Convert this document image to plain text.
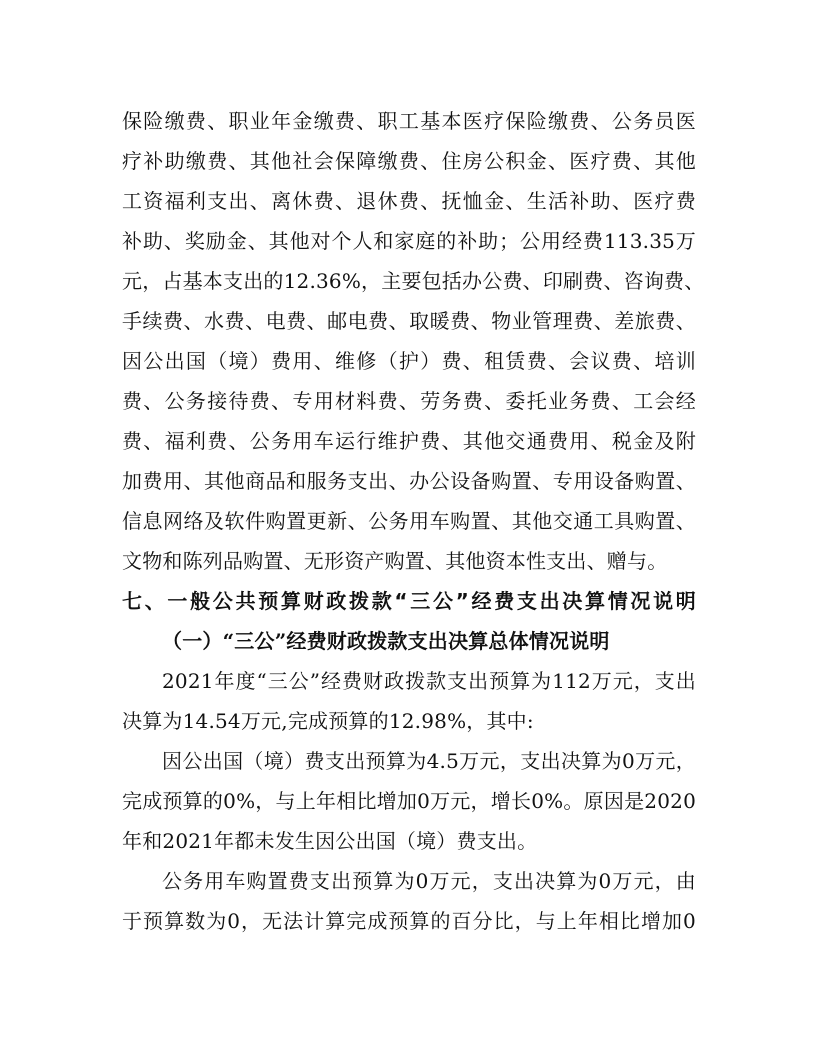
保险缴费、职业年金缴费、职工基本医疗保险缴费、公务员医
疗补助缴费、其他社会保障缴费、住房公积金、医疗费、其他
工资福利支出、离休费、退休费、抚恤金、生活补助、医疗费
补助、奖励金、其他对个人和家庭的补助；公用经费113.35万
元，占基本支出的12.36%，主要包括办公费、印刷费、咨询费、
手续费、水费、电费、邮电费、取暖费、物业管理费、差旅费、
因公出国（境）费用、维修（护）费、租赁费、会议费、培训
费、公务接待费、专用材料费、劳务费、委托业务费、工会经
费、福利费、公务用车运行维护费、其他交通费用、税金及附
加费用、其他商品和服务支出、办公设备购置、专用设备购置、
信息网络及软件购置更新、公务用车购置、其他交通工具购置、
文物和陈列品购置、无形资产购置、其他资本性支出、赠与。
七、一般公共预算财政拨款“三公”经费支出决算情况说明
（一）“三公”经费财政拨款支出决算总体情况说明
2021年度“三公”经费财政拨款支出预算为112万元，支出
决算为14.54万元,完成预算的12.98%，其中:
因公出国（境）费支出预算为4.5万元，支出决算为0万元，
完成预算的0%，与上年相比增加0万元，增长0%。原因是2020
年和2021年都未发生因公出国（境）费支出。
公务用车购置费支出预算为0万元，支出决算为0万元，由
于预算数为0，无法计算完成预算的百分比，与上年相比增加0
